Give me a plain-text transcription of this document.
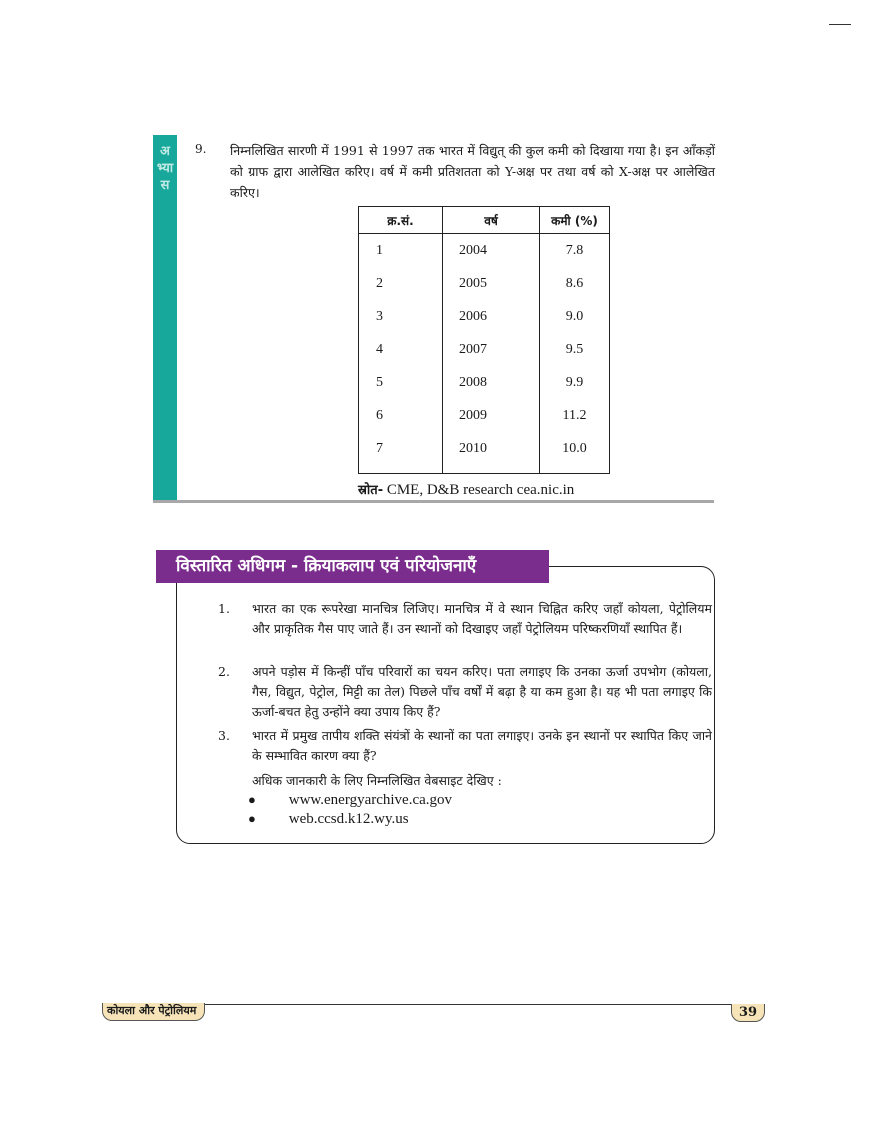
अ भ्या स
9. निम्नलिखित सारणी में 1991 से 1997 तक भारत में विद्युत् की कुल कमी को दिखाया गया है। इन आँकड़ों को ग्राफ द्वारा आलेखित करिए। वर्ष में कमी प्रतिशतता को Y-अक्ष पर तथा वर्ष को X-अक्ष पर आलेखित करिए।
क्र.सं.	वर्ष	कमी (%)
1	2004	7.8
2	2005	8.6
3	2006	9.0
4	2007	9.5
5	2008	9.9
6	2009	11.2
7	2010	10.0

स्रोत- CME, D&B research cea.nic.in
विस्तारित अधिगम - क्रियाकलाप एवं परियोजनाएँ
1.	भारत का एक रूपरेखा मानचित्र लिजिए। मानचित्र में वे स्थान चिह्नित करिए जहाँ कोयला, पेट्रोलियम और प्राकृतिक गैस पाए जाते हैं। उन स्थानों को दिखाइए जहाँ पेट्रोलियम परिष्करणियाँ स्थापित हैं।
2.	अपने पड़ोस में किन्हीं पाँच परिवारों का चयन करिए। पता लगाइए कि उनका ऊर्जा उपभोग (कोयला, गैस, विद्युत, पेट्रोल, मिट्टी का तेल) पिछले पाँच वर्षों में बढ़ा है या कम हुआ है। यह भी पता लगाइए कि ऊर्जा-बचत हेतु उन्होंने क्या उपाय किए हैं?
3.	भारत में प्रमुख तापीय शक्ति संयंत्रों के स्थानों का पता लगाइए। उनके इन स्थानों पर स्थापित किए जाने के सम्भावित कारण क्या हैं?
अधिक जानकारी के लिए निम्नलिखित वेबसाइट देखिए :
● www.energyarchive.ca.gov
● web.ccsd.k12.wy.us
कोयला और पेट्रोलियम	39
